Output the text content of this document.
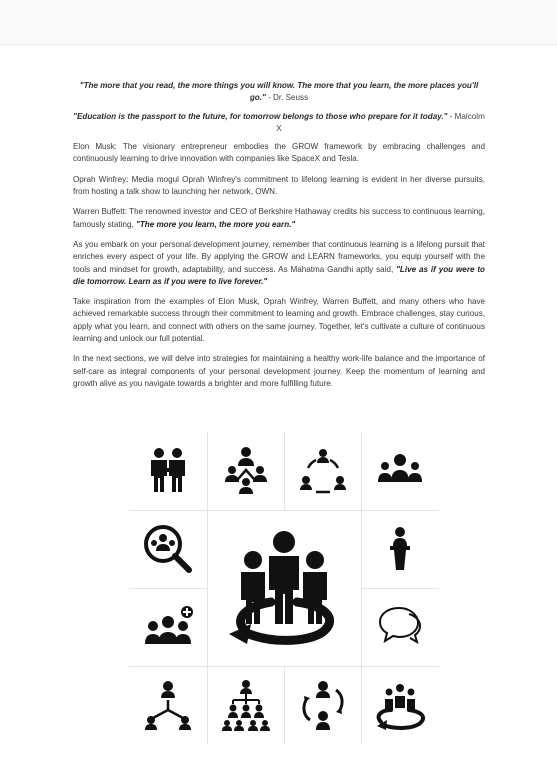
"The more that you read, the more things you will know. The more that you learn, the more places you'll go." - Dr. Seuss

"Education is the passport to the future, for tomorrow belongs to those who prepare for it today." - Malcolm X

Elon Musk: The visionary entrepreneur embodies the GROW framework by embracing challenges and continuously learning to drive innovation with companies like SpaceX and Tesla.

Oprah Winfrey: Media mogul Oprah Winfrey's commitment to lifelong learning is evident in her diverse pursuits, from hosting a talk show to launching her network, OWN.

Warren Buffett: The renowned investor and CEO of Berkshire Hathaway credits his success to continuous learning, famously stating, "The more you learn, the more you earn."

As you embark on your personal development journey, remember that continuous learning is a lifelong pursuit that enriches every aspect of your life. By applying the GROW and LEARN frameworks, you equip yourself with the tools and mindset for growth, adaptability, and success. As Mahatma Gandhi aptly said, "Live as if you were to die tomorrow. Learn as if you were to live forever."

Take inspiration from the examples of Elon Musk, Oprah Winfrey, Warren Buffett, and many others who have achieved remarkable success through their commitment to learning and growth. Embrace challenges, stay curious, apply what you learn, and connect with others on the same journey. Together, let's cultivate a culture of continuous learning and unlock our full potential.

In the next sections, we will delve into strategies for maintaining a healthy work-life balance and the importance of self-care as integral components of your personal development journey. Keep the momentum of learning and growth alive as you navigate towards a brighter and more fulfilling future.
